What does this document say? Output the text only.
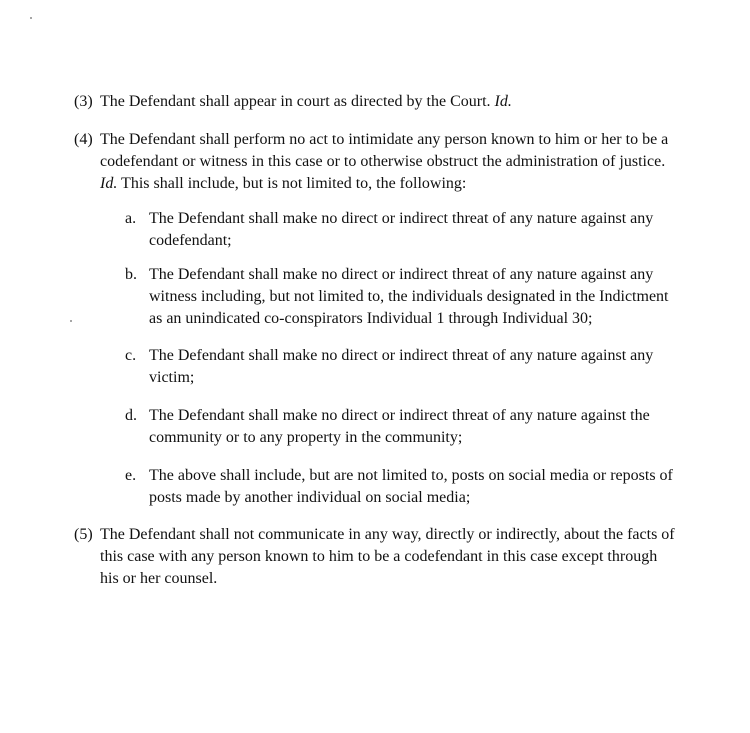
(3) The Defendant shall appear in court as directed by the Court. Id.

(4) The Defendant shall perform no act to intimidate any person known to him or her to be a
codefendant or witness in this case or to otherwise obstruct the administration of justice.
Id. This shall include, but is not limited to, the following:

a. The Defendant shall make no direct or indirect threat of any nature against any
codefendant;
b. The Defendant shall make no direct or indirect threat of any nature against any
witness including, but not limited to, the individuals designated in the Indictment
as an unindicated co-conspirators Individual 1 through Individual 30;
c. The Defendant shall make no direct or indirect threat of any nature against any
victim;
d. The Defendant shall make no direct or indirect threat of any nature against the
community or to any property in the community;
e. The above shall include, but are not limited to, posts on social media or reposts of
posts made by another individual on social media;

(5) The Defendant shall not communicate in any way, directly or indirectly, about the facts of
this case with any person known to him to be a codefendant in this case except through
his or her counsel.
